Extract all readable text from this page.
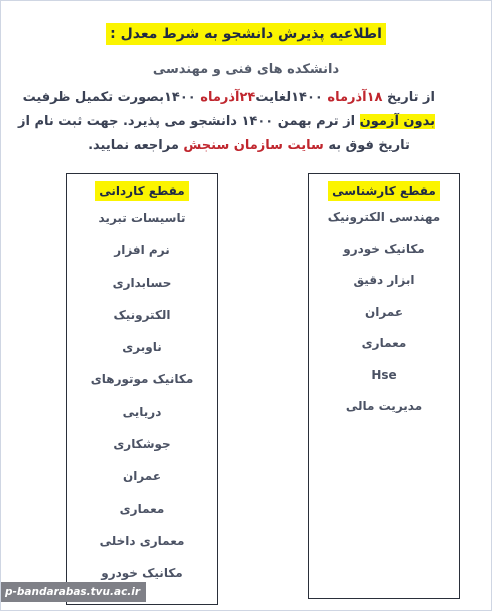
اطلاعیه پذیرش دانشجو به شرط معدل :
دانشکده های فنی و مهندسی
از تاریخ ۱۸آذرماه ۱۴۰۰لغایت۲۴آذرماه ۱۴۰۰بصورت تکمیل ظرفیت
بدون آزمون از ترم بهمن ۱۴۰۰ دانشجو می پذیرد. جهت ثبت نام از
تاریخ فوق به سایت سازمان سنجش مراجعه نمایید.
مقطع کارشناسی
مهندسی الکترونیک
مکانیک خودرو
ابزار دقیق
عمران
معماری
Hse
مدیریت مالی
مقطع کاردانی
تاسیسات تبرید
نرم افزار
حسابداری
الکترونیک
ناوبری
مکانیک موتورهای
دریایی
جوشکاری
عمران
معماری
معماری داخلی
مکانیک خودرو
p-bandarabas.tvu.ac.ir
